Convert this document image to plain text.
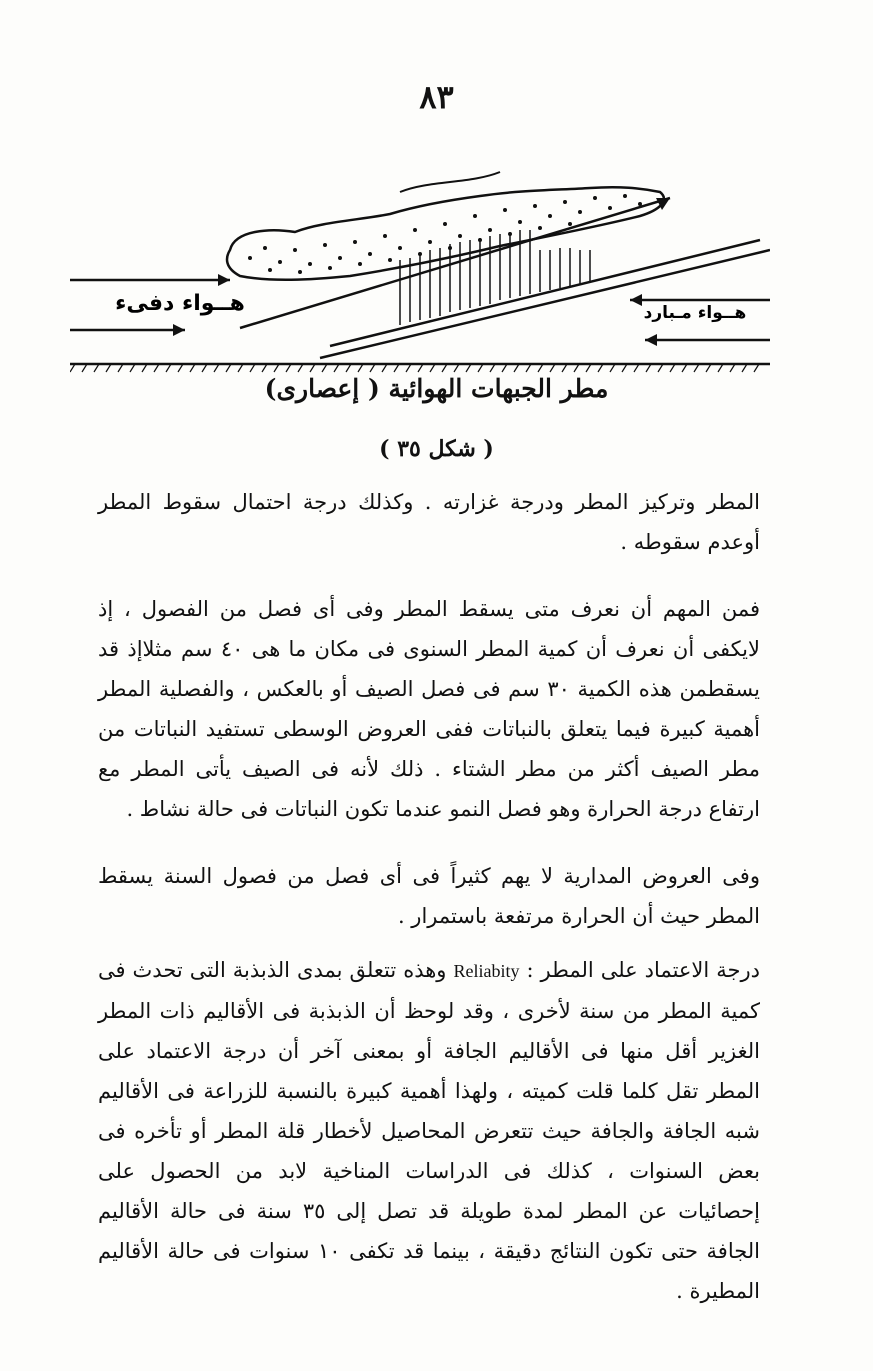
٨٣
هــواء دفىء	هــواء مـبارد
مطر الجبهات الهوائية ( إعصارى)
( شكل ٣٥ )

المطر وتركيز المطر ودرجة غزارته . وكذلك درجة احتمال سقوط المطر أوعدم سقوطه .

فمن المهم أن نعرف متى يسقط المطر وفى أى فصل من الفصول ، إذ لايكفى أن نعرف أن كمية المطر السنوى فى مكان ما هى ٤٠ سم مثلاإذ قد يسقطمن هذه الكمية ٣٠ سم فى فصل الصيف أو بالعكس ، والفصلية المطر أهمية كبيرة فيما يتعلق بالنباتات ففى العروض الوسطى تستفيد النباتات من مطر الصيف أكثر من مطر الشتاء . ذلك لأنه فى الصيف يأتى المطر مع ارتفاع درجة الحرارة وهو فصل النمو عندما تكون النباتات فى حالة نشاط .

وفى العروض المدارية لا يهم كثيراً فى أى فصل من فصول السنة يسقط المطر حيث أن الحرارة مرتفعة باستمرار .

درجة الاعتماد على المطر : Reliabity وهذه تتعلق بمدى الذبذبة التى تحدث فى كمية المطر من سنة لأخرى ، وقد لوحظ أن الذبذبة فى الأقاليم ذات المطر الغزير أقل منها فى الأقاليم الجافة أو بمعنى آخر أن درجة الاعتماد على المطر تقل كلما قلت كميته ، ولهذا أهمية كبيرة بالنسبة للزراعة فى الأقاليم شبه الجافة والجافة حيث تتعرض المحاصيل لأخطار قلة المطر أو تأخره فى بعض السنوات ، كذلك فى الدراسات المناخية لابد من الحصول على إحصائيات عن المطر لمدة طويلة قد تصل إلى ٣٥ سنة فى حالة الأقاليم الجافة حتى تكون النتائج دقيقة ، بينما قد تكفى ١٠ سنوات فى حالة الأقاليم المطيرة .
